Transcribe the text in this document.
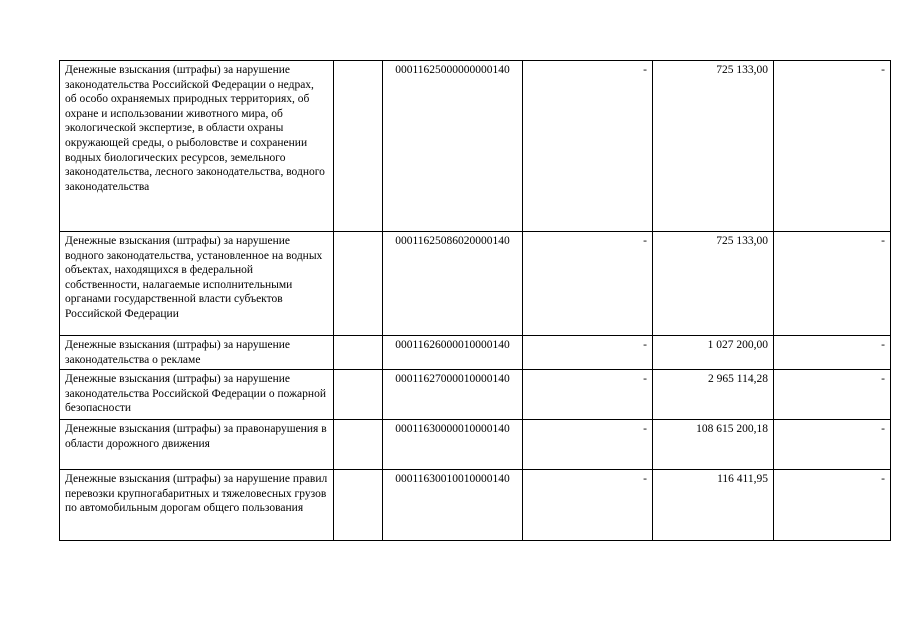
Денежные взыскания (штрафы) за нарушение законодательства Российской Федерации о недрах, об особо охраняемых природных территориях, об охране и использовании животного мира, об экологической экспертизе, в области охраны окружающей среды, о рыболовстве и сохранении водных биологических ресурсов, земельного законодательства, лесного законодательства, водного законодательства		00011625000000000140	-	725 133,00	-
Денежные взыскания (штрафы) за нарушение водного законодательства, установленное на водных объектах, находящихся в федеральной собственности, налагаемые исполнительными органами государственной власти субъектов Российской Федерации		00011625086020000140	-	725 133,00	-
Денежные взыскания (штрафы) за нарушение законодательства о рекламе		00011626000010000140	-	1 027 200,00	-
Денежные взыскания (штрафы) за нарушение законодательства Российской Федерации о пожарной безопасности		00011627000010000140	-	2 965 114,28	-
Денежные взыскания (штрафы) за правонарушения в области дорожного движения		00011630000010000140	-	108 615 200,18	-
Денежные взыскания (штрафы) за нарушение правил перевозки крупногабаритных и тяжеловесных грузов по автомобильным дорогам общего пользования		00011630010010000140	-	116 411,95	-
